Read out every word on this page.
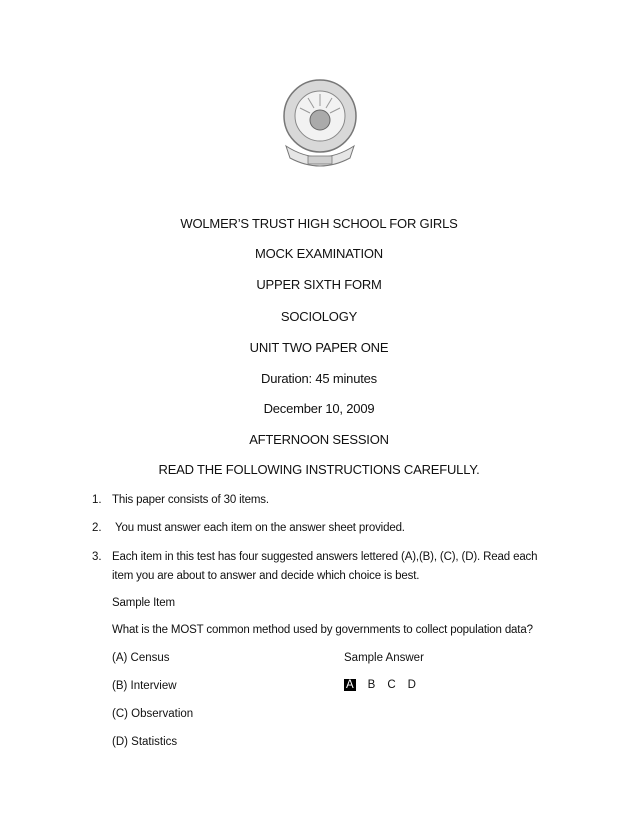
WOLMER’S TRUST HIGH SCHOOL FOR GIRLS
MOCK EXAMINATION
UPPER SIXTH FORM
SOCIOLOGY
UNIT TWO PAPER ONE
Duration: 45 minutes
December 10, 2009
AFTERNOON SESSION
READ THE FOLLOWING INSTRUCTIONS CAREFULLY.
1. This paper consists of 30 items.
2. You must answer each item on the answer sheet provided.
3. Each item in this test has four suggested answers lettered (A),(B), (C), (D). Read each
item you are about to answer and decide which choice is best.
Sample Item
What is the MOST common method used by governments to collect population data?
(A) Census	Sample Answer
(B) Interview	A B C D
(C) Observation
(D) Statistics
